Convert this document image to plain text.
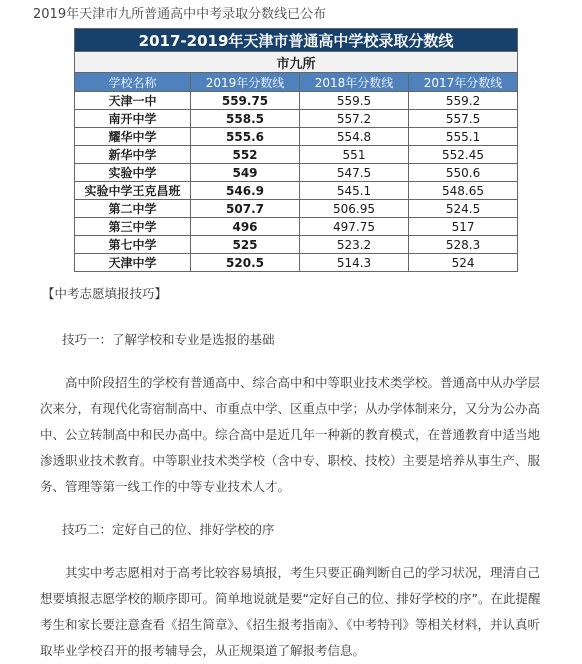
2019年天津市九所普通高中中考录取分数线已公布
2017-2019年天津市普通高中学校录取分数线			
市九所			
学校名称	2019年分数线	2018年分数线	2017年分数线
天津一中	559.75	559.5	559.2
南开中学	558.5	557.2	557.5
耀华中学	555.6	554.8	555.1
新华中学	552	551	552.45
实验中学	549	547.5	550.6
实验中学王克昌班	546.9	545.1	548.65
第二中学	507.7	506.95	524.5
第三中学	496	497.75	517
第七中学	525	523.2	528.3
天津中学	520.5	514.3	524
【中考志愿填报技巧】
技巧一：了解学校和专业是选报的基础

高中阶段招生的学校有普通高中、综合高中和中等职业技术类学校。普通高中从办学层次来分，有现代化寄宿制高中、市重点中学、区重点中学；从办学体制来分，又分为公办高中、公立转制高中和民办高中。综合高中是近几年一种新的教育模式，在普通教育中适当地渗透职业技术教育。中等职业技术类学校（含中专、职校、技校）主要是培养从事生产、服务、管理等第一线工作的中等专业技术人才。

技巧二：定好自己的位、排好学校的序

其实中考志愿相对于高考比较容易填报，考生只要正确判断自己的学习状况，理清自己想要填报志愿学校的顺序即可。简单地说就是要“定好自己的位、排好学校的序”。在此提醒考生和家长要注意查看《招生简章》、《招生报考指南》、《中考特刊》等相关材料，并认真听取毕业学校召开的报考辅导会，从正规渠道了解报考信息。
